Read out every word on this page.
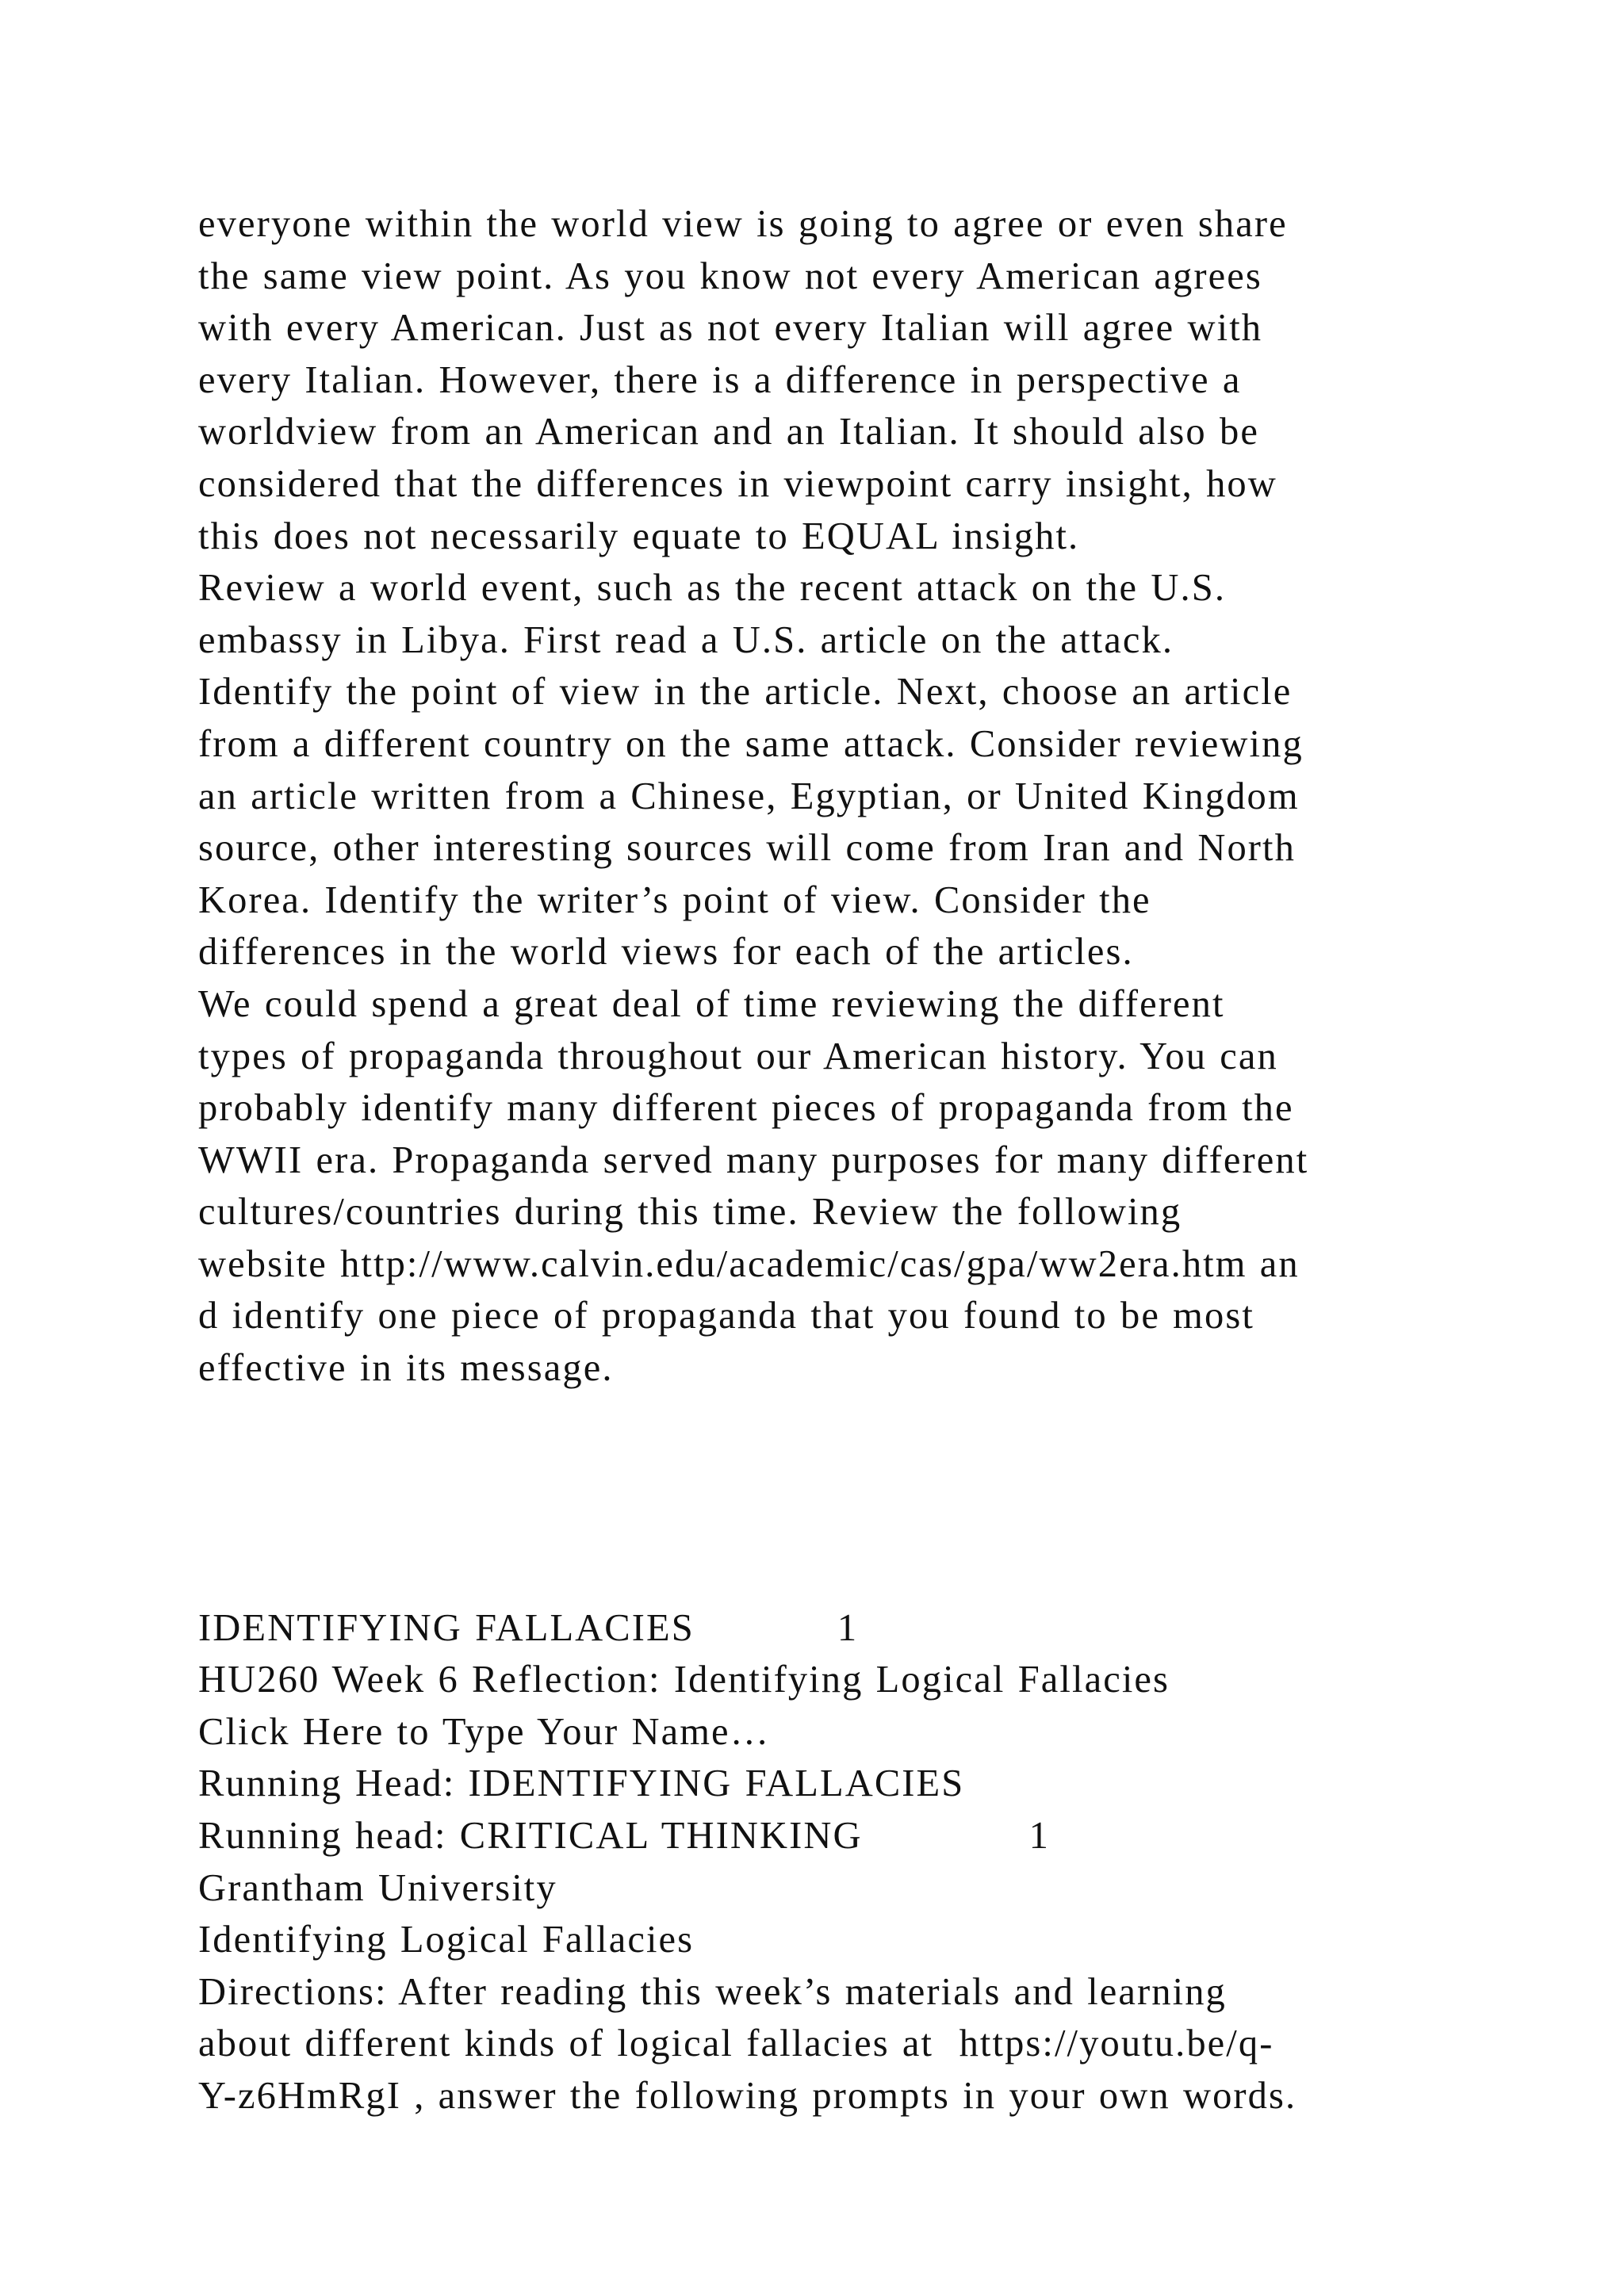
everyone within the world view is going to agree or even share
the same view point. As you know not every American agrees
with every American. Just as not every Italian will agree with
every Italian. However, there is a difference in perspective a
worldview from an American and an Italian. It should also be
considered that the differences in viewpoint carry insight, how
this does not necessarily equate to EQUAL insight.
Review a world event, such as the recent attack on the U.S.
embassy in Libya. First read a U.S. article on the attack.
Identify the point of view in the article. Next, choose an article
from a different country on the same attack. Consider reviewing
an article written from a Chinese, Egyptian, or United Kingdom
source, other interesting sources will come from Iran and North
Korea. Identify the writer’s point of view. Consider the
differences in the world views for each of the articles.
We could spend a great deal of time reviewing the different
types of propaganda throughout our American history. You can
probably identify many different pieces of propaganda from the
WWII era. Propaganda served many purposes for many different
cultures/countries during this time. Review the following
website http://www.calvin.edu/academic/cas/gpa/ww2era.htm an
d identify one piece of propaganda that you found to be most
effective in its message.
IDENTIFYING FALLACIES	1
HU260 Week 6 Reflection: Identifying Logical Fallacies
Click Here to Type Your Name…
Running Head: IDENTIFYING FALLACIES
Running head: CRITICAL THINKING	1
Grantham University
Identifying Logical Fallacies
Directions: After reading this week’s materials and learning
about different kinds of logical fallacies at  https://youtu.be/q-
Y-z6HmRgI , answer the following prompts in your own words.
